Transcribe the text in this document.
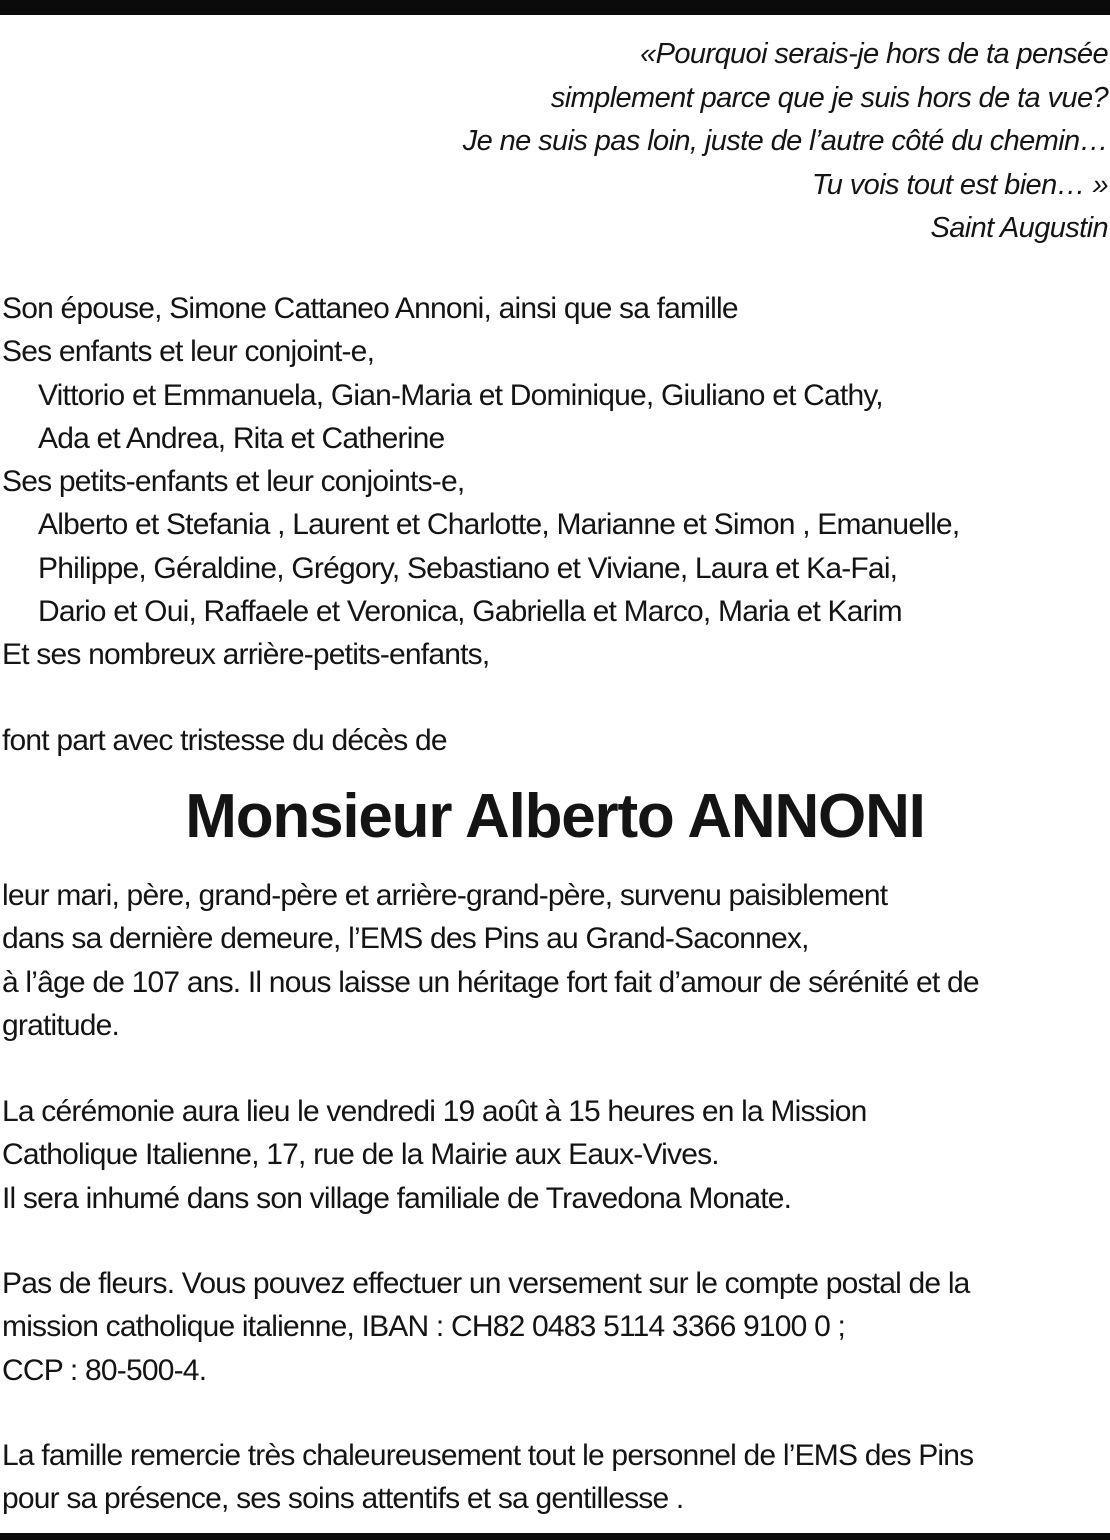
«Pourquoi serais-je hors de ta pensée
simplement parce que je suis hors de ta vue?
Je ne suis pas loin, juste de l’autre côté du chemin…
Tu vois tout est bien… »
Saint Augustin
Son épouse, Simone Cattaneo Annoni, ainsi que sa famille
Ses enfants et leur conjoint-e,
Vittorio et Emmanuela, Gian-Maria et Dominique, Giuliano et Cathy,
Ada et Andrea, Rita et Catherine
Ses petits-enfants et leur conjoints-e,
Alberto et Stefania , Laurent et Charlotte, Marianne et Simon , Emanuelle,
Philippe, Géraldine, Grégory, Sebastiano et Viviane, Laura et Ka-Fai,
Dario et Oui, Raffaele et Veronica, Gabriella et Marco, Maria et Karim
Et ses nombreux arrière-petits-enfants,
font part avec tristesse du décès de
Monsieur Alberto ANNONI
leur mari, père, grand-père et arrière-grand-père, survenu paisiblement
dans sa dernière demeure, l’EMS des Pins au Grand-Saconnex,
à l’âge de 107 ans. Il nous laisse un héritage fort fait d’amour de sérénité et de
gratitude.
La cérémonie aura lieu le vendredi 19 août à 15 heures en la Mission
Catholique Italienne, 17, rue de la Mairie aux Eaux-Vives.
Il sera inhumé dans son village familiale de Travedona Monate.
Pas de fleurs. Vous pouvez effectuer un versement sur le compte postal de la
mission catholique italienne, IBAN : CH82 0483 5114 3366 9100 0 ;
CCP : 80-500-4.
La famille remercie très chaleureusement tout le personnel de l’EMS des Pins
pour sa présence, ses soins attentifs et sa gentillesse .
